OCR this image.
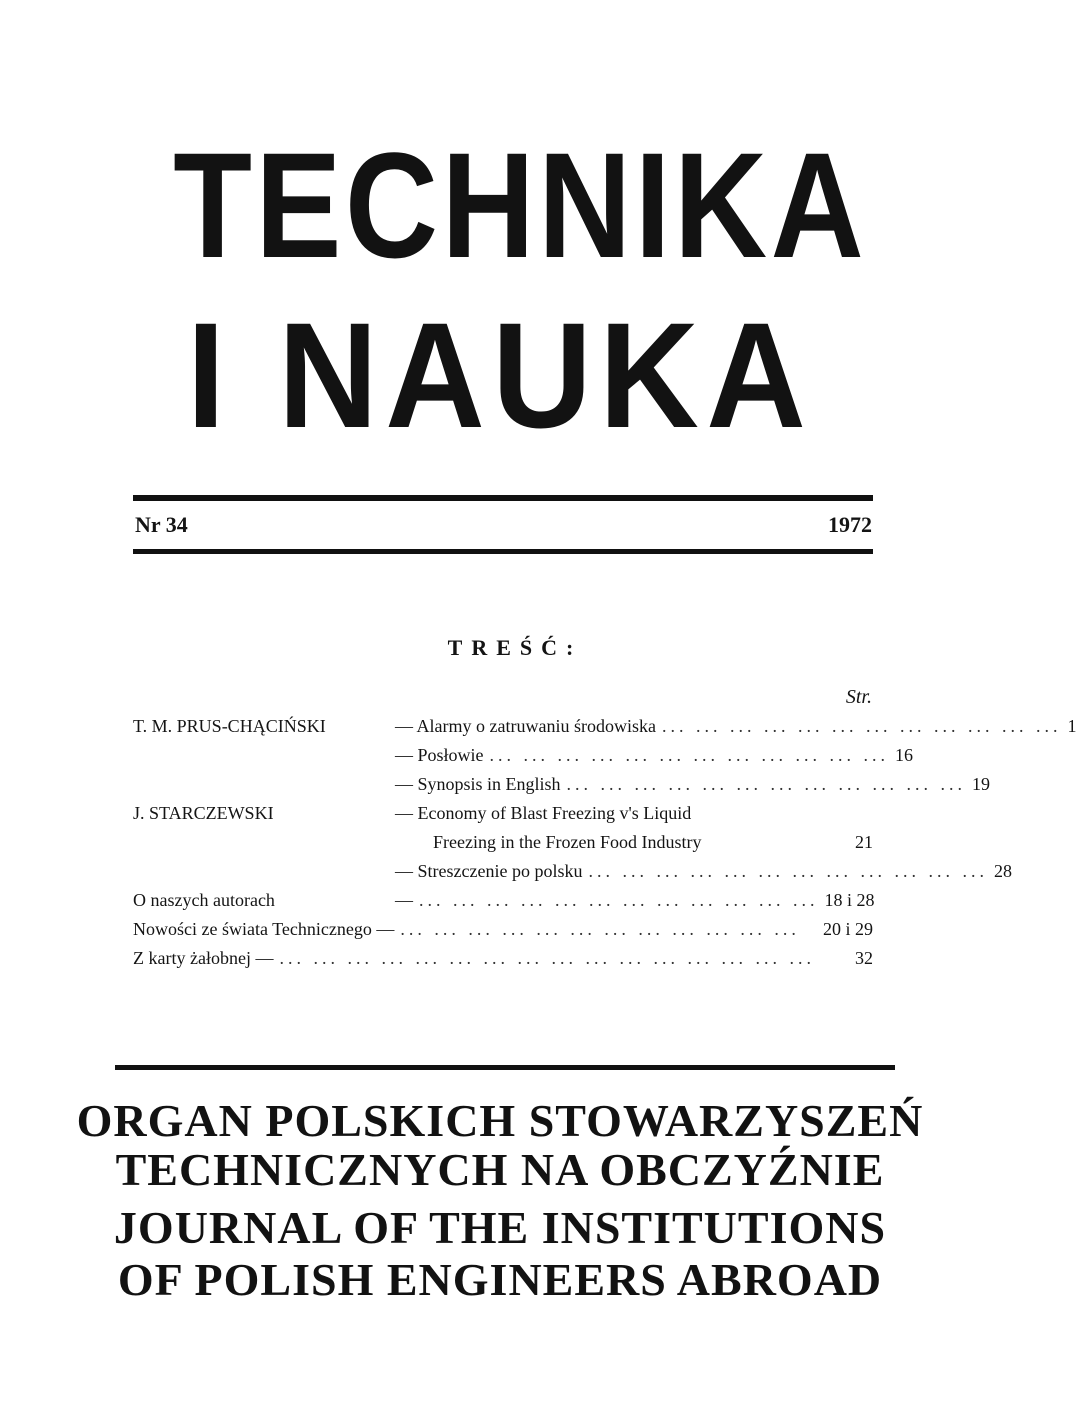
TECHNIKA
I NAUKA
Nr 34	1972
TREŚĆ:
Str.
T. M. PRUS-CHĄCIŃSKI	— Alarmy o zatruwaniu środowiska ... ... ... ... ... ... ... ... ... ... ... ... 1
— Posłowie ... ... ... ... ... ... ... ... ... ... ... ... 16
— Synopsis in English ... ... ... ... ... ... ... ... ... ... ... ... 19
J. STARCZEWSKI	— Economy of Blast Freezing v's Liquid
Freezing in the Frozen Food Industry	21
— Streszczenie po polsku ... ... ... ... ... ... ... ... ... ... ... ... 28
O naszych autorach	— ... ... ... ... ... ... ... ... ... ... ... ... 18 i 28
Nowości ze świata Technicznego — ... ... ... ... ... ... ... ... ... ... ... ...	20 i 29
Z karty żałobnej — ... ... ... ... ... ... ... ... ... ... ... ... ... ... ... ...	32
ORGAN POLSKICH STOWARZYSZEŃ
TECHNICZNYCH NA OBCZYŹNIE
JOURNAL OF THE INSTITUTIONS
OF POLISH ENGINEERS ABROAD
